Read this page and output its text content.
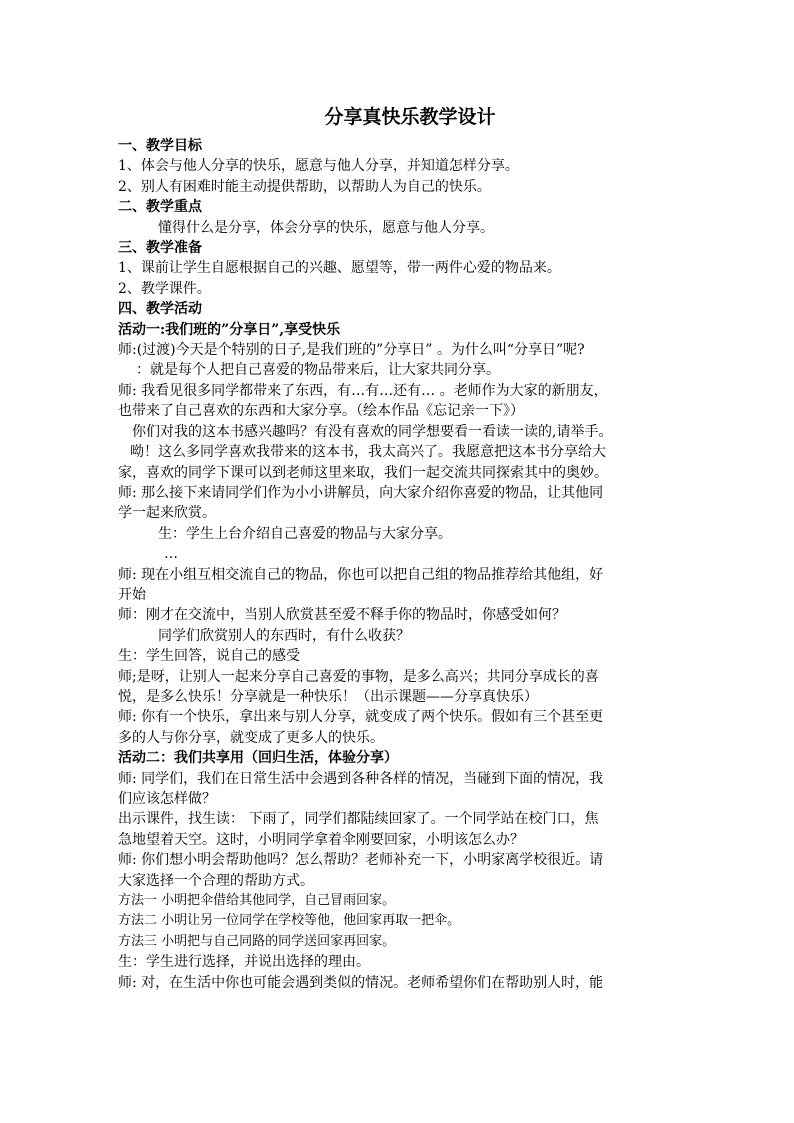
分享真快乐教学设计

一、教学目标

1、体会与他人分享的快乐，愿意与他人分享，并知道怎样分享。

2、别人有困难时能主动提供帮助，以帮助人为自己的快乐。

二、教学重点

懂得什么是分享，体会分享的快乐，愿意与他人分享。

三、教学准备

1、课前让学生自愿根据自己的兴趣、愿望等，带一两件心爱的物品来。

2、教学课件。

四、教学活动

活动一:我们班的”分享日”,享受快乐

师:(过渡)今天是个特别的日子,是我们班的”分享日” 。为什么叫“分享日”呢?

：就是每个人把自己喜爱的物品带来后，让大家共同分享。

师: 我看见很多同学都带来了东西，有…有…还有… 。老师作为大家的新朋友，

也带来了自己喜欢的东西和大家分享。（绘本作品《忘记亲一下》）

你们对我的这本书感兴趣吗？有没有喜欢的同学想要看一看读一读的,请举手。

呦！这么多同学喜欢我带来的这本书，我太高兴了。我愿意把这本书分享给大

家，喜欢的同学下课可以到老师这里来取，我们一起交流共同探索其中的奥妙。

师: 那么接下来请同学们作为小小讲解员，向大家介绍你喜爱的物品，让其他同

学一起来欣赏。

生：学生上台介绍自己喜爱的物品与大家分享。

…

师: 现在小组互相交流自己的物品，你也可以把自己组的物品推荐给其他组，好

开始

师：刚才在交流中，当别人欣赏甚至爱不释手你的物品时，你感受如何？

同学们欣赏别人的东西时，有什么收获？

生：学生回答，说自己的感受

师;是呀，让别人一起来分享自己喜爱的事物，是多么高兴；共同分享成长的喜

悦，是多么快乐！分享就是一种快乐！（出示课题——分享真快乐）

师: 你有一个快乐，拿出来与别人分享，就变成了两个快乐。假如有三个甚至更

多的人与你分享，就变成了更多人的快乐。

活动二：我们共享用（回归生活，体验分享）

师: 同学们，我们在日常生活中会遇到各种各样的情况，当碰到下面的情况，我

们应该怎样做？

出示课件，找生读： 下雨了，同学们都陆续回家了。一个同学站在校门口，焦

急地望着天空。这时，小明同学拿着伞刚要回家，小明该怎么办？

师: 你们想小明会帮助他吗？怎么帮助？老师补充一下，小明家离学校很近。请

大家选择一个合理的帮助方式。

方法一 小明把伞借给其他同学，自己冒雨回家。

方法二 小明让另一位同学在学校等他，他回家再取一把伞。

方法三 小明把与自己同路的同学送回家再回家。

生：学生进行选择，并说出选择的理由。

师: 对，在生活中你也可能会遇到类似的情况。老师希望你们在帮助别人时，能
